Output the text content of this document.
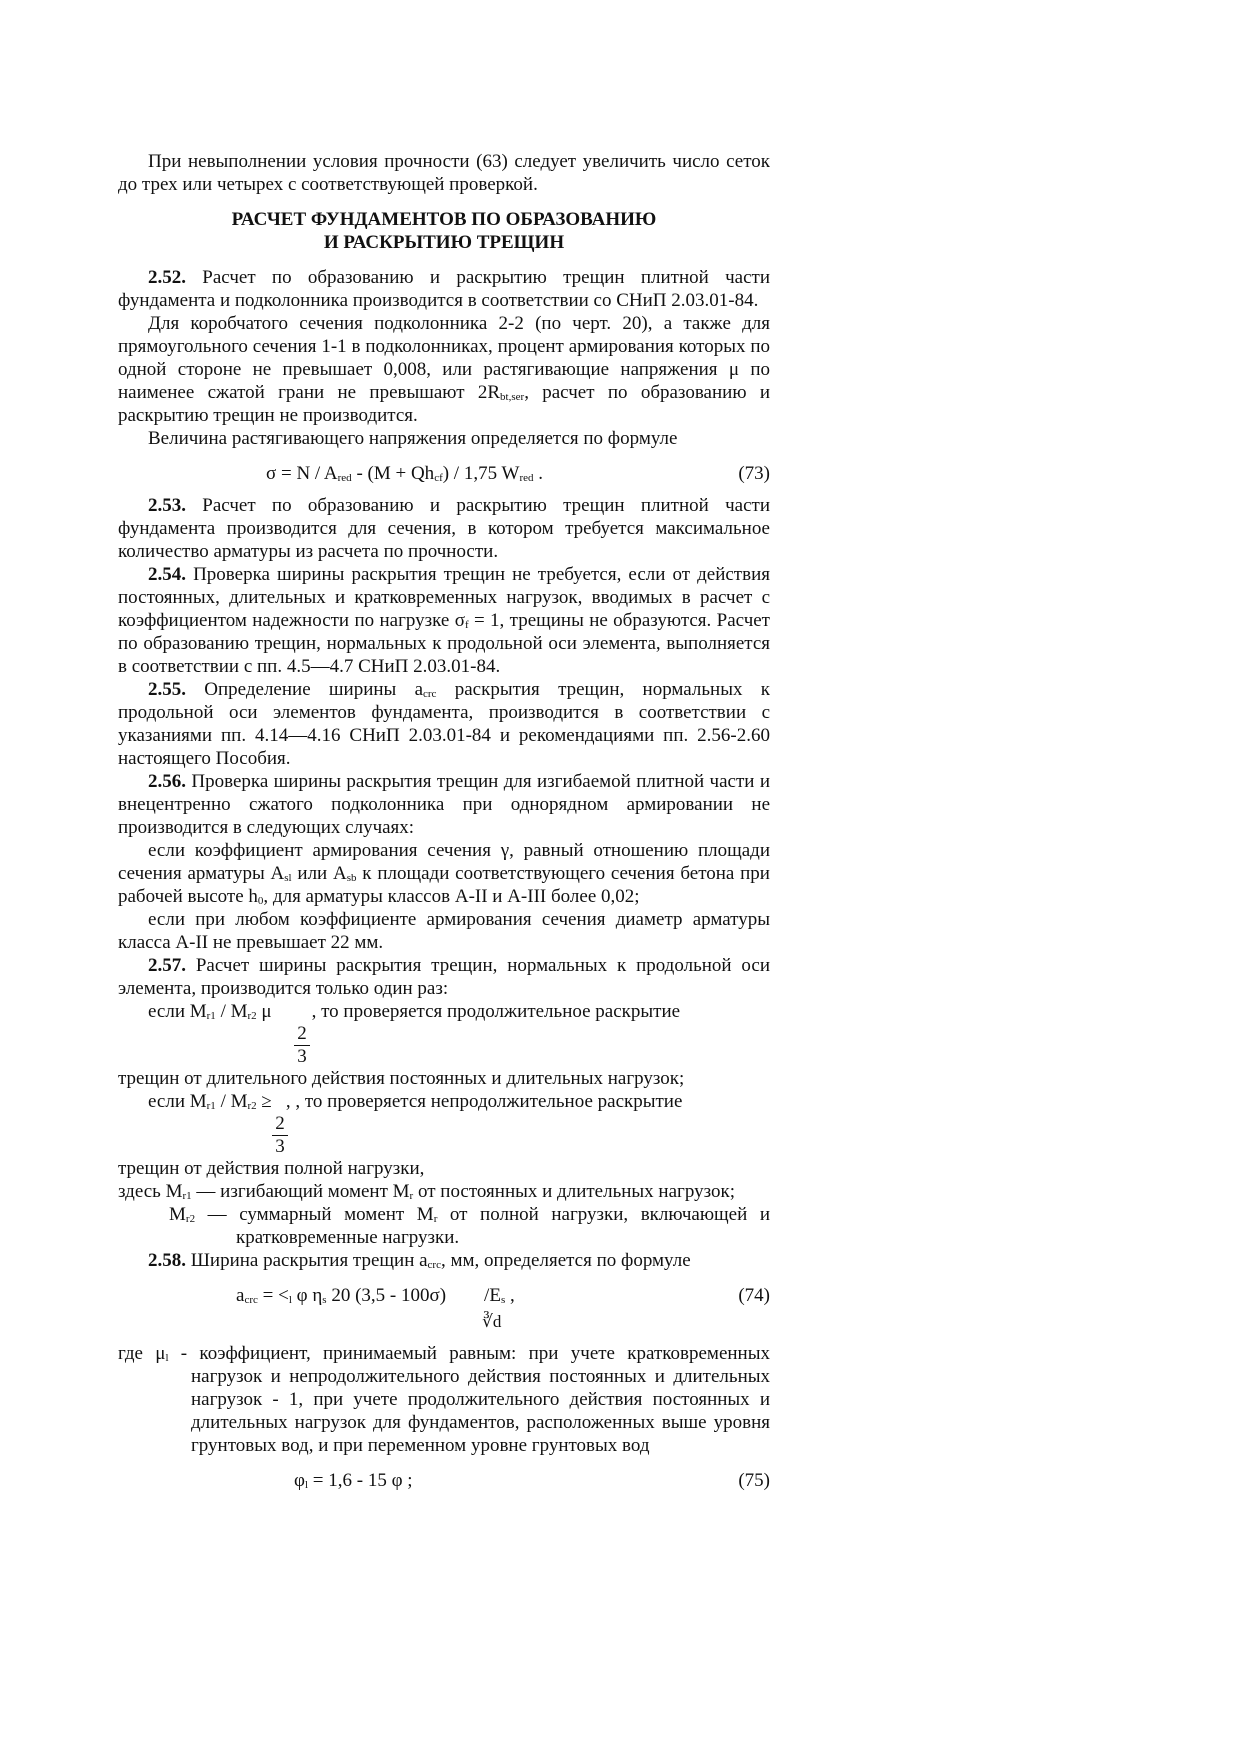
При невыполнении условия прочности (63) следует увеличить число сеток до трех или четырех с соответствующей проверкой.

РАСЧЕТ ФУНДАМЕНТОВ ПО ОБРАЗОВАНИЮ
И РАСКРЫТИЮ ТРЕЩИН

2.52. Расчет по образованию и раскрытию трещин плитной части фундамента и подколонника производится в соответствии со СНиП 2.03.01-84.

Для коробчатого сечения подколонника 2-2 (по черт. 20), а также для прямоугольного сечения 1-1 в подколонниках, процент армирования которых по одной стороне не превышает 0,008, или растягивающие напряжения μ по наименее сжатой грани не превышают $2R_{bt,ser}$, расчет по образованию и раскрытию трещин не производится.

Величина растягивающего напряжения определяется по формуле

$\sigma = N / A_{red} - (M + Qh_{cf}) / 1,75$ $W_{red}$ .	(73)

2.53. Расчет по образованию и раскрытию трещин плитной части фундамента производится для сечения, в котором требуется максимальное количество арматуры из расчета по прочности.

2.54. Проверка ширины раскрытия трещин не требуется, если от действия постоянных, длительных и кратковременных нагрузок, вводимых в расчет с коэффициентом надежности по нагрузке $\sigma_f = 1$, трещины не образуются. Расчет по образованию трещин, нормальных к продольной оси элемента, выполняется в соответствии с пп. 4.5—4.7 СНиП 2.03.01-84.

2.55. Определение ширины $a_{crc}$ раскрытия трещин, нормальных к продольной оси элементов фундамента, производится в соответствии с указаниями пп. 4.14—4.16 СНиП 2.03.01-84 и рекомендациями пп. 2.56-2.60 настоящего Пособия.

2.56. Проверка ширины раскрытия трещин для изгибаемой плитной части и внецентренно сжатого подколонника при однорядном армировании не производится в следующих случаях:

если коэффициент армирования сечения γ, равный отношению площади сечения арматуры $A_{sl}$ или $A_{sb}$ к площади соответствующего сечения бетона при рабочей высоте $h_0$, для арматуры классов A-II и A-III более 0,02;

если при любом коэффициенте армирования сечения диаметр арматуры класса A-II не превышает 22 мм.

2.57. Расчет ширины раскрытия трещин, нормальных к продольной оси элемента, производится только один раз:

если $M_{r1} / M_{r2}$ μ , то проверяется продолжительное раскрытие

$\frac{2}{3}$

трещин от длительного действия постоянных и длительных нагрузок;

если $M_{r1} / M_{r2}$ ≥ , , то проверяется непродолжительное раскрытие

$\frac{2}{3}$

трещин от действия полной нагрузки,

здесь $M_{r1}$ — изгибающий момент $M_r$ от постоянных и длительных нагрузок;

$M_{r2}$ — суммарный момент $M_r$ от полной нагрузки, включающей и кратковременные нагрузки.

2.58. Ширина раскрытия трещин $a_{crc}$, мм, определяется по формуле

$a_{crc} = <_l$ φ $\eta_s$ 20 (3,5 - 100σ) $/E_s$ ,
∛d
(74)

где $\mu_l$ - коэффициент, принимаемый равным: при учете кратковременных нагрузок и непродолжительного действия постоянных и длительных нагрузок - 1, при учете продолжительного действия постоянных и длительных нагрузок для фундаментов, расположенных выше уровня грунтовых вод, и при переменном уровне грунтовых вод

$\varphi_l = 1,6 - 15$ φ ;	(75)
